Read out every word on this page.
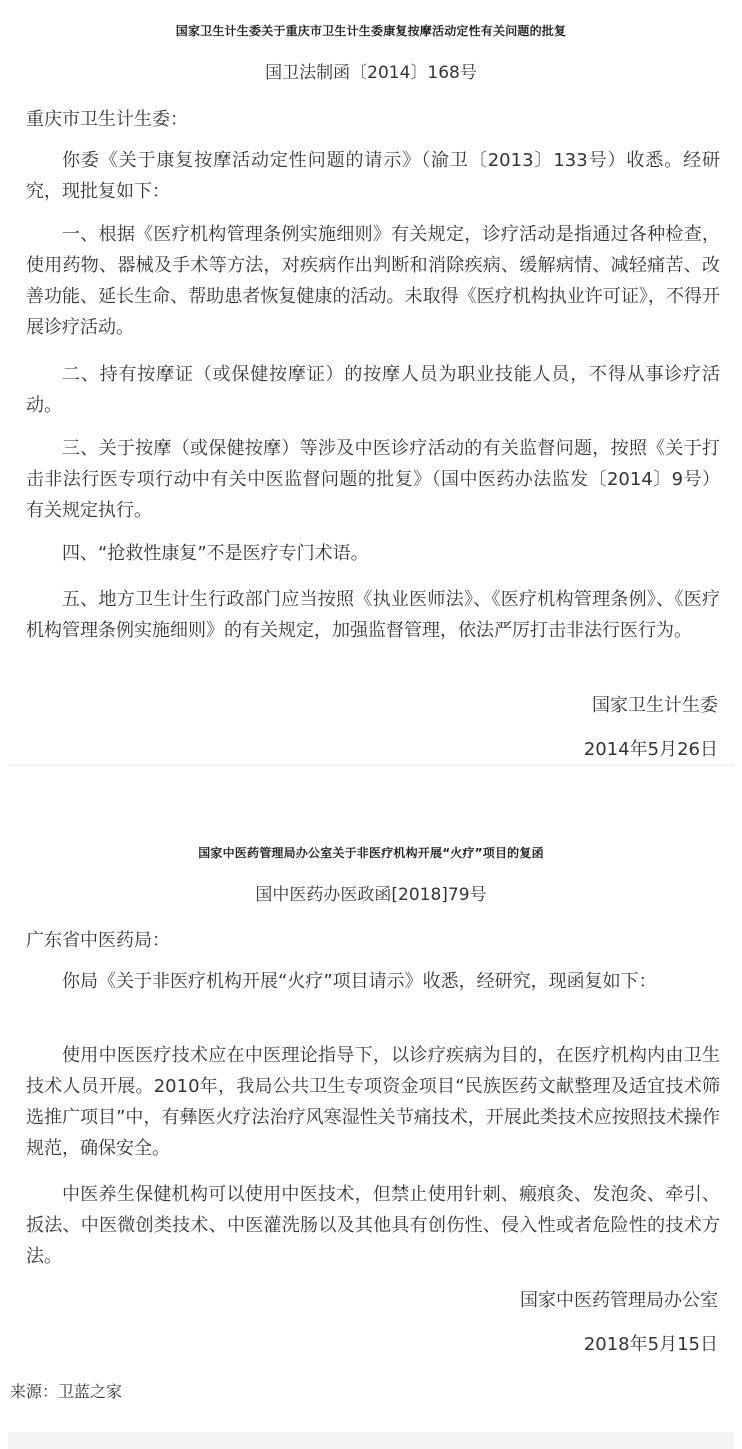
国家卫生计生委关于重庆市卫生计生委康复按摩活动定性有关问题的批复
国卫法制函〔2014〕168号
重庆市卫生计生委：
你委《关于康复按摩活动定性问题的请示》（渝卫〔2013〕133号）收悉。经研究，现批复如下：
一、根据《医疗机构管理条例实施细则》有关规定，诊疗活动是指通过各种检查，使用药物、器械及手术等方法，对疾病作出判断和消除疾病、缓解病情、减轻痛苦、改善功能、延长生命、帮助患者恢复健康的活动。未取得《医疗机构执业许可证》，不得开展诊疗活动。
二、持有按摩证（或保健按摩证）的按摩人员为职业技能人员，不得从事诊疗活动。
三、关于按摩（或保健按摩）等涉及中医诊疗活动的有关监督问题，按照《关于打击非法行医专项行动中有关中医监督问题的批复》（国中医药办法监发〔2014〕9号）有关规定执行。
四、“抢救性康复”不是医疗专门术语。
五、地方卫生计生行政部门应当按照《执业医师法》、《医疗机构管理条例》、《医疗机构管理条例实施细则》的有关规定，加强监督管理，依法严厉打击非法行医行为。
国家卫生计生委
2014年5月26日
国家中医药管理局办公室关于非医疗机构开展“火疗”项目的复函
国中医药办医政函[2018]79号
广东省中医药局：
你局《关于非医疗机构开展“火疗”项目请示》收悉，经研究，现函复如下：
使用中医医疗技术应在中医理论指导下，以诊疗疾病为目的，在医疗机构内由卫生技术人员开展。2010年，我局公共卫生专项资金项目“民族医药文献整理及适宜技术筛选推广项目”中，有彝医火疗法治疗风寒湿性关节痛技术，开展此类技术应按照技术操作规范，确保安全。
中医养生保健机构可以使用中医技术，但禁止使用针刺、瘢痕灸、发泡灸、牵引、扳法、中医微创类技术、中医灌洗肠以及其他具有创伤性、侵入性或者危险性的技术方法。
国家中医药管理局办公室
2018年5月15日
来源：卫蓝之家
